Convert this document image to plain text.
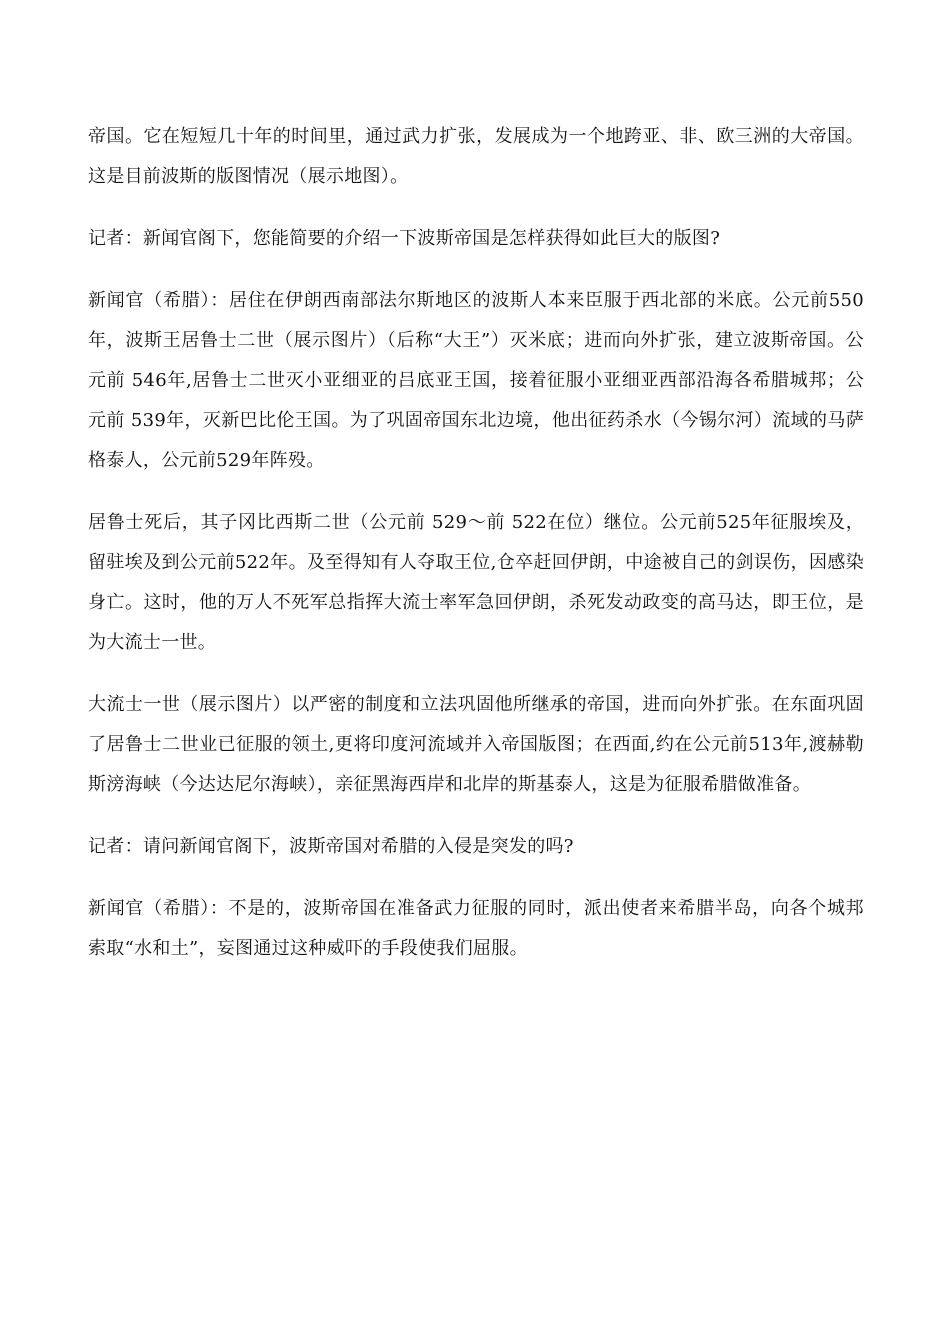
帝国。它在短短几十年的时间里，通过武力扩张，发展成为一个地跨亚、非、欧三洲的大帝国。这是目前波斯的版图情况（展示地图）。

记者：新闻官阁下，您能简要的介绍一下波斯帝国是怎样获得如此巨大的版图?

新闻官（希腊）：居住在伊朗西南部法尔斯地区的波斯人本来臣服于西北部的米底。公元前550年，波斯王居鲁士二世（展示图片）（后称“大王”）灭米底；进而向外扩张，建立波斯帝国。公元前 546年,居鲁士二世灭小亚细亚的吕底亚王国，接着征服小亚细亚西部沿海各希腊城邦；公元前 539年，灭新巴比伦王国。为了巩固帝国东北边境，他出征药杀水（今锡尔河）流域的马萨格泰人，公元前529年阵殁。

居鲁士死后，其子冈比西斯二世（公元前 529～前 522在位）继位。公元前525年征服埃及，留驻埃及到公元前522年。及至得知有人夺取王位,仓卒赶回伊朗，中途被自己的剑误伤，因感染身亡。这时，他的万人不死军总指挥大流士率军急回伊朗，杀死发动政变的高马达，即王位，是为大流士一世。

大流士一世（展示图片）以严密的制度和立法巩固他所继承的帝国，进而向外扩张。在东面巩固了居鲁士二世业已征服的领土,更将印度河流域并入帝国版图；在西面,约在公元前513年,渡赫勒斯滂海峡（今达达尼尔海峡），亲征黑海西岸和北岸的斯基泰人，这是为征服希腊做准备。

记者：请问新闻官阁下，波斯帝国对希腊的入侵是突发的吗?

新闻官（希腊）：不是的，波斯帝国在准备武力征服的同时，派出使者来希腊半岛，向各个城邦索取“水和土”，妄图通过这种威吓的手段使我们屈服。
